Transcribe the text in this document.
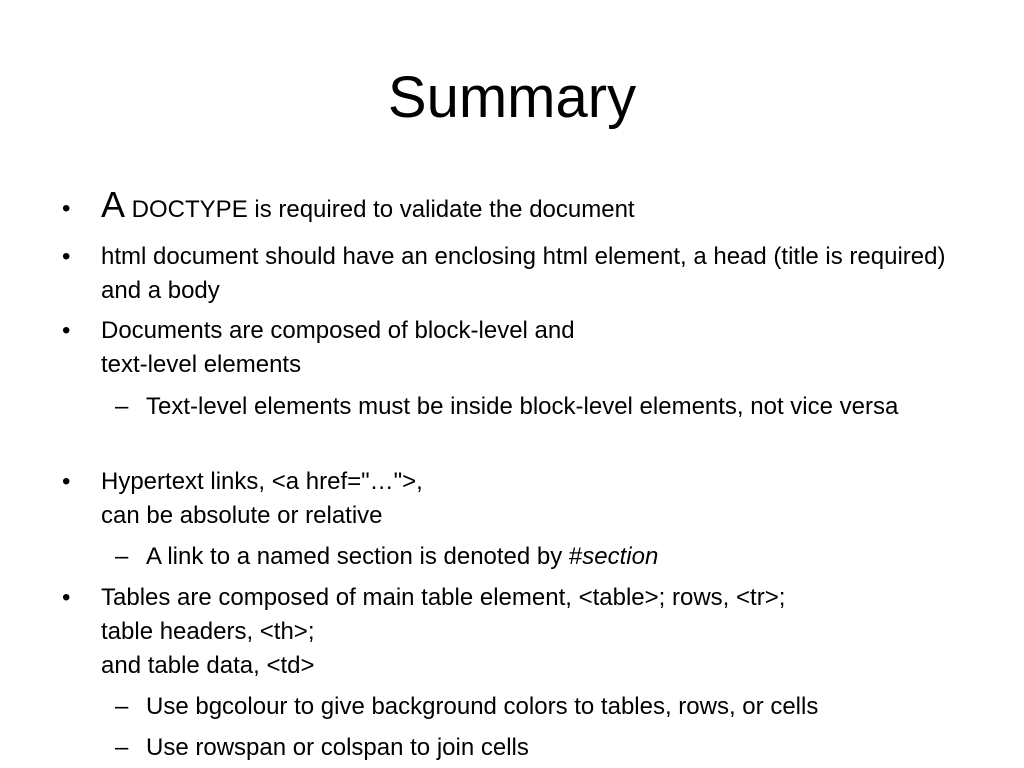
Summary
• A DOCTYPE is required to validate the document
•	html document should have an enclosing html element, a head (title is required) and a body
•	Documents are composed of block-level and
text-level elements
– Text-level elements must be inside block-level elements, not vice versa
•	Hypertext links, <a href="…">,
can be absolute or relative
– A link to a named section is denoted by #section
•	Tables are composed of main table element, <table>; rows, <tr>;
table headers, <th>;
and table data, <td>
– Use bgcolour to give background colors to tables, rows, or cells
– Use rowspan or colspan to join cells
